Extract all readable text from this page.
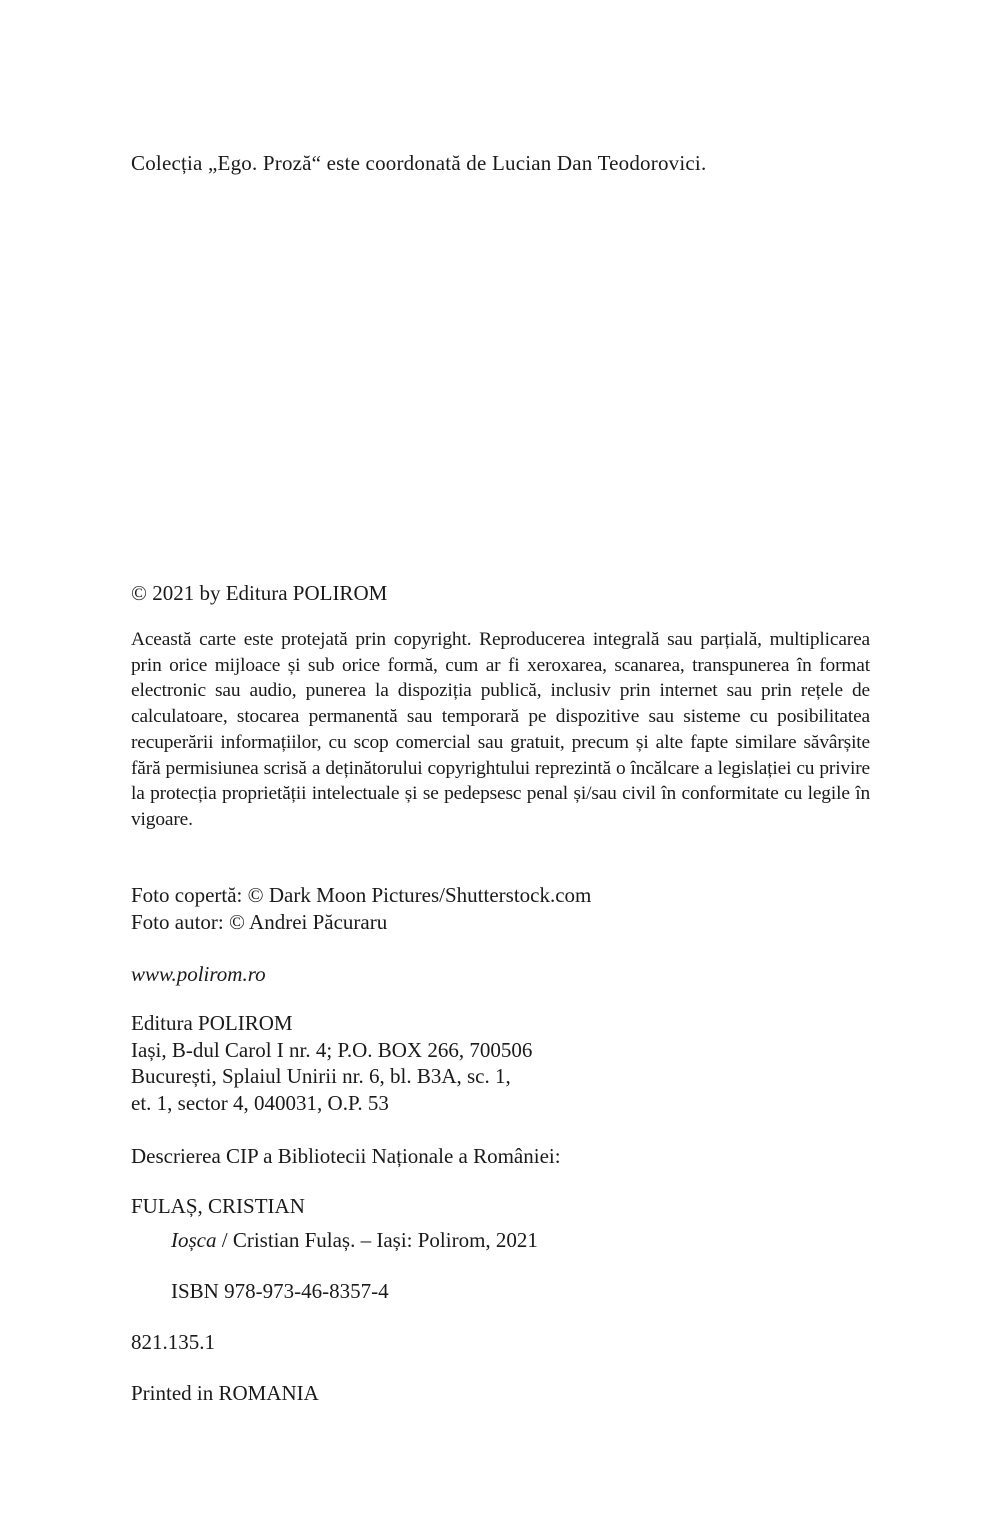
Colecția „Ego. Proză“ este coordonată de Lucian Dan Teodorovici.
© 2021 by Editura POLIROM
Această carte este protejată prin copyright. Reproducerea integrală sau parțială, multiplicarea prin orice mijloace și sub orice formă, cum ar fi xeroxarea, scanarea, transpunerea în format electronic sau audio, punerea la dispoziția publică, inclusiv prin internet sau prin rețele de calculatoare, stocarea permanentă sau temporară pe dispozitive sau sisteme cu posibilitatea recuperării informațiilor, cu scop comercial sau gratuit, precum și alte fapte similare săvârșite fără permisiunea scrisă a deținătorului copyrightului reprezintă o încălcare a legislației cu privire la protecția proprietății intelectuale și se pedepsesc penal și/sau civil în conformitate cu legile în vigoare.
Foto copertă: © Dark Moon Pictures/Shutterstock.com
Foto autor: © Andrei Păcuraru
www.polirom.ro
Editura POLIROM
Iași, B-dul Carol I nr. 4; P.O. BOX 266, 700506
București, Splaiul Unirii nr. 6, bl. B3A, sc. 1,
et. 1, sector 4, 040031, O.P. 53
Descrierea CIP a Bibliotecii Naționale a României:
FULAȘ, CRISTIAN
Ioșca / Cristian Fulaș. – Iași: Polirom, 2021
ISBN 978-973-46-8357-4
821.135.1
Printed in ROMANIA
